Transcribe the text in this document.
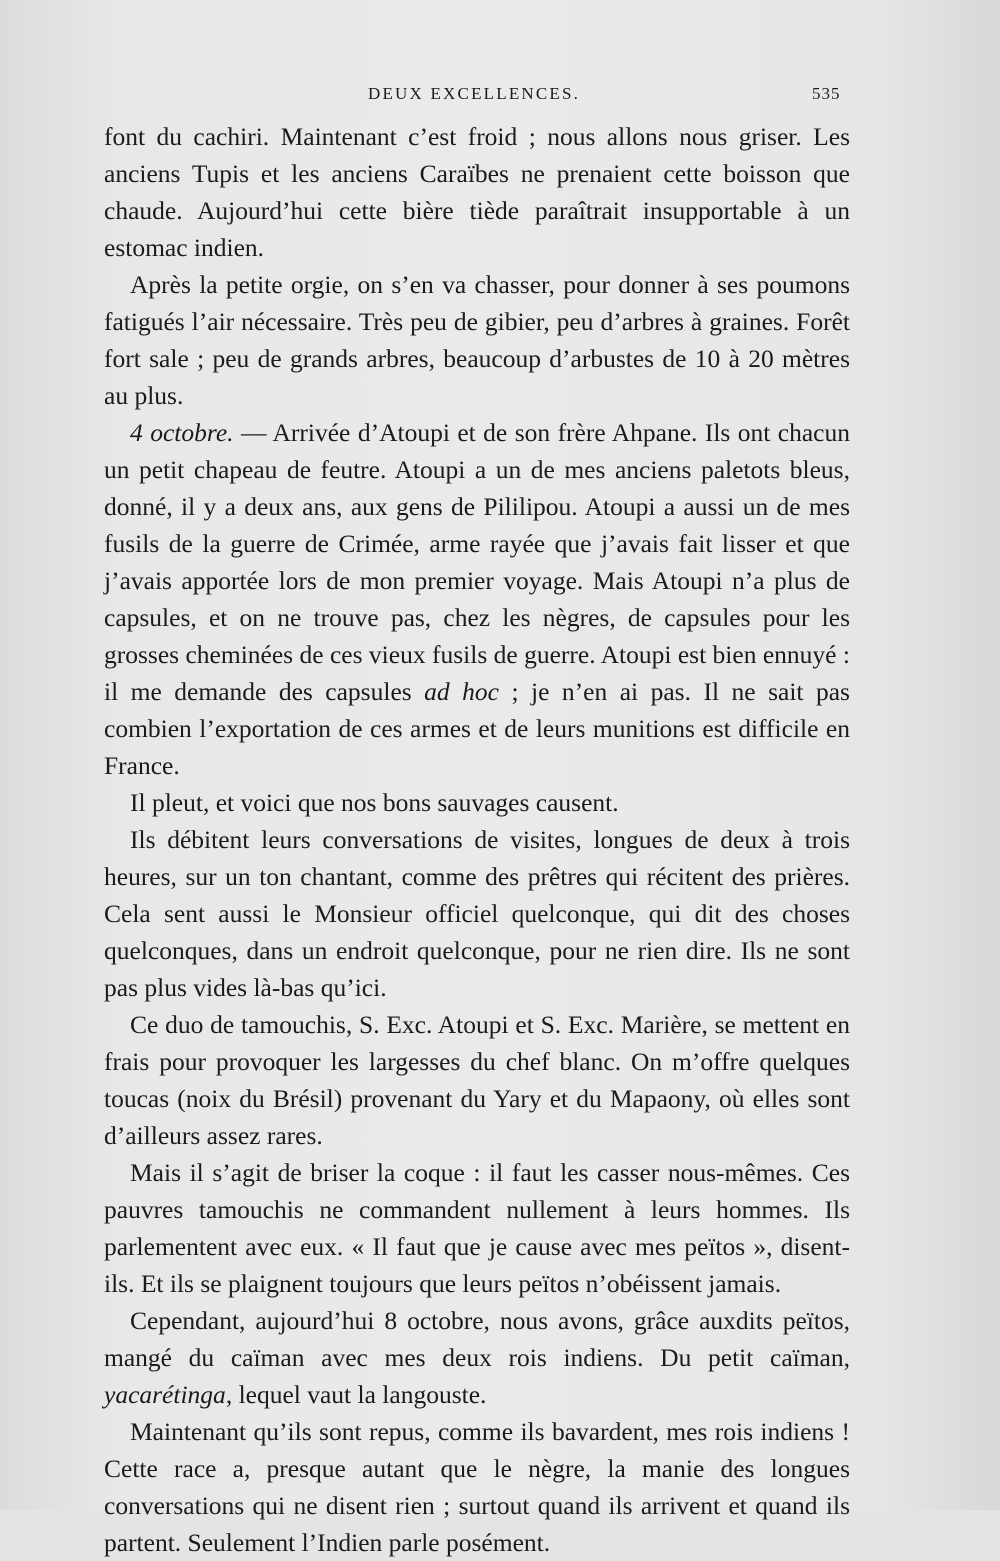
DEUX EXCELLENCES.	535

font du cachiri. Maintenant c’est froid ; nous allons nous griser. Les anciens Tupis et les anciens Caraïbes ne prenaient cette boisson que chaude. Aujourd’hui cette bière tiède paraîtrait insupportable à un estomac indien.

Après la petite orgie, on s’en va chasser, pour donner à ses poumons fatigués l’air nécessaire. Très peu de gibier, peu d’arbres à graines. Forêt fort sale ; peu de grands arbres, beaucoup d’arbustes de 10 à 20 mètres au plus.

4 octobre. — Arrivée d’Atoupi et de son frère Ahpane. Ils ont chacun un petit chapeau de feutre. Atoupi a un de mes anciens paletots bleus, donné, il y a deux ans, aux gens de Pililipou. Atoupi a aussi un de mes fusils de la guerre de Crimée, arme rayée que j’avais fait lisser et que j’avais apportée lors de mon premier voyage. Mais Atoupi n’a plus de capsules, et on ne trouve pas, chez les nègres, de capsules pour les grosses cheminées de ces vieux fusils de guerre. Atoupi est bien ennuyé : il me demande des capsules ad hoc ; je n’en ai pas. Il ne sait pas combien l’exportation de ces armes et de leurs munitions est difficile en France.

Il pleut, et voici que nos bons sauvages causent.

Ils débitent leurs conversations de visites, longues de deux à trois heures, sur un ton chantant, comme des prêtres qui récitent des prières. Cela sent aussi le Monsieur officiel quelconque, qui dit des choses quelconques, dans un endroit quelconque, pour ne rien dire. Ils ne sont pas plus vides là-bas qu’ici.

Ce duo de tamouchis, S. Exc. Atoupi et S. Exc. Marière, se mettent en frais pour provoquer les largesses du chef blanc. On m’offre quelques toucas (noix du Brésil) provenant du Yary et du Mapaony, où elles sont d’ailleurs assez rares.

Mais il s’agit de briser la coque : il faut les casser nous-mêmes. Ces pauvres tamouchis ne commandent nullement à leurs hommes. Ils parlementent avec eux. « Il faut que je cause avec mes peïtos », disent-ils. Et ils se plaignent toujours que leurs peïtos n’obéissent jamais.

Cependant, aujourd’hui 8 octobre, nous avons, grâce auxdits peïtos, mangé du caïman avec mes deux rois indiens. Du petit caïman, yacarétinga, lequel vaut la langouste.

Maintenant qu’ils sont repus, comme ils bavardent, mes rois indiens ! Cette race a, presque autant que le nègre, la manie des longues conversations qui ne disent rien ; surtout quand ils arrivent et quand ils partent. Seulement l’Indien parle posément.
